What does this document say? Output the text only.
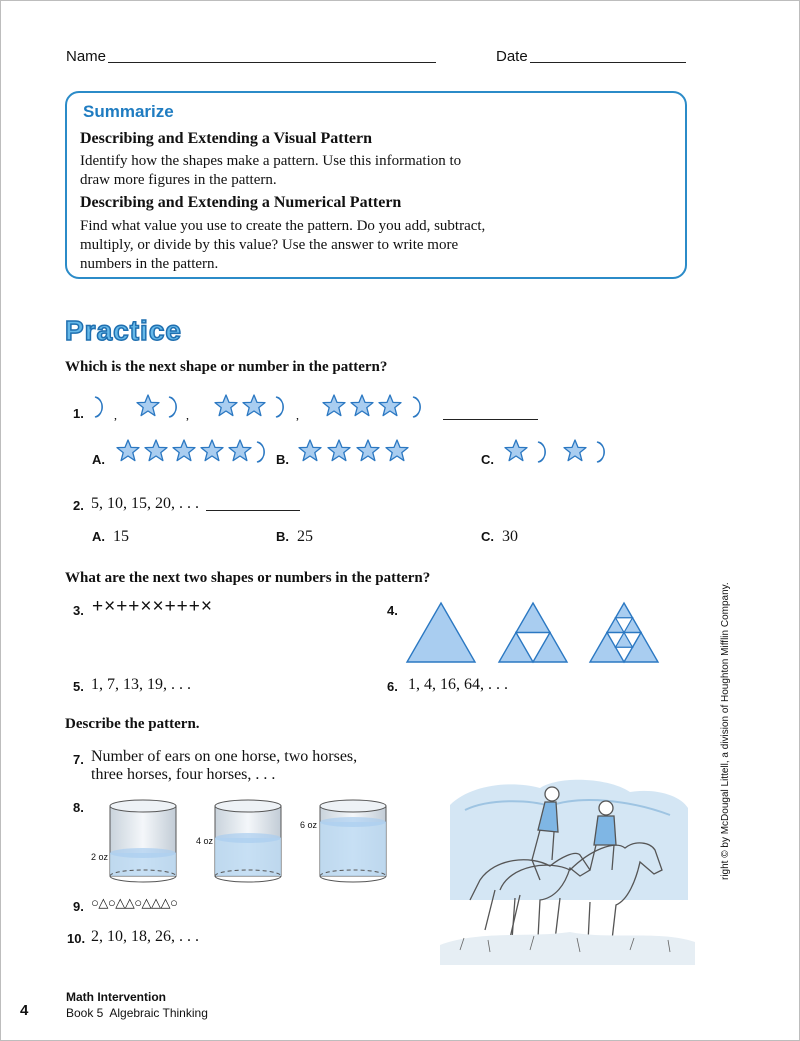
Name	Date
Summarize
Describing and Extending a Visual Pattern

Identify how the shapes make a pattern. Use this information to

draw more figures in the pattern.

Describing and Extending a Numerical Pattern

Find what value you use to create the pattern. Do you add, subtract,

multiply, or divide by this value? Use the answer to write more

numbers in the pattern.

Practice
Which is the next shape or number in the pattern?
1.	,	,	,
A.	B.	C.
2. 5, 10, 15, 20, . . .
A. 15	B. 25	C. 30
What are the next two shapes or numbers in the pattern?
3. +×++××+++×	4.
5. 1, 7, 13, 19, . . .	6. 1, 4, 16, 64, . . .
Describe the pattern.
7. Number of ears on one horse, two horses,
three horses, four horses, . . .
8.
2 oz
4 oz
6 oz
9. ○△○△△○△△△○
10. 2, 10, 18, 26, . . .
right © by McDougal Littell, a division of Houghton Mifflin Company.
4
Math Intervention
Book 5  Algebraic Thinking
